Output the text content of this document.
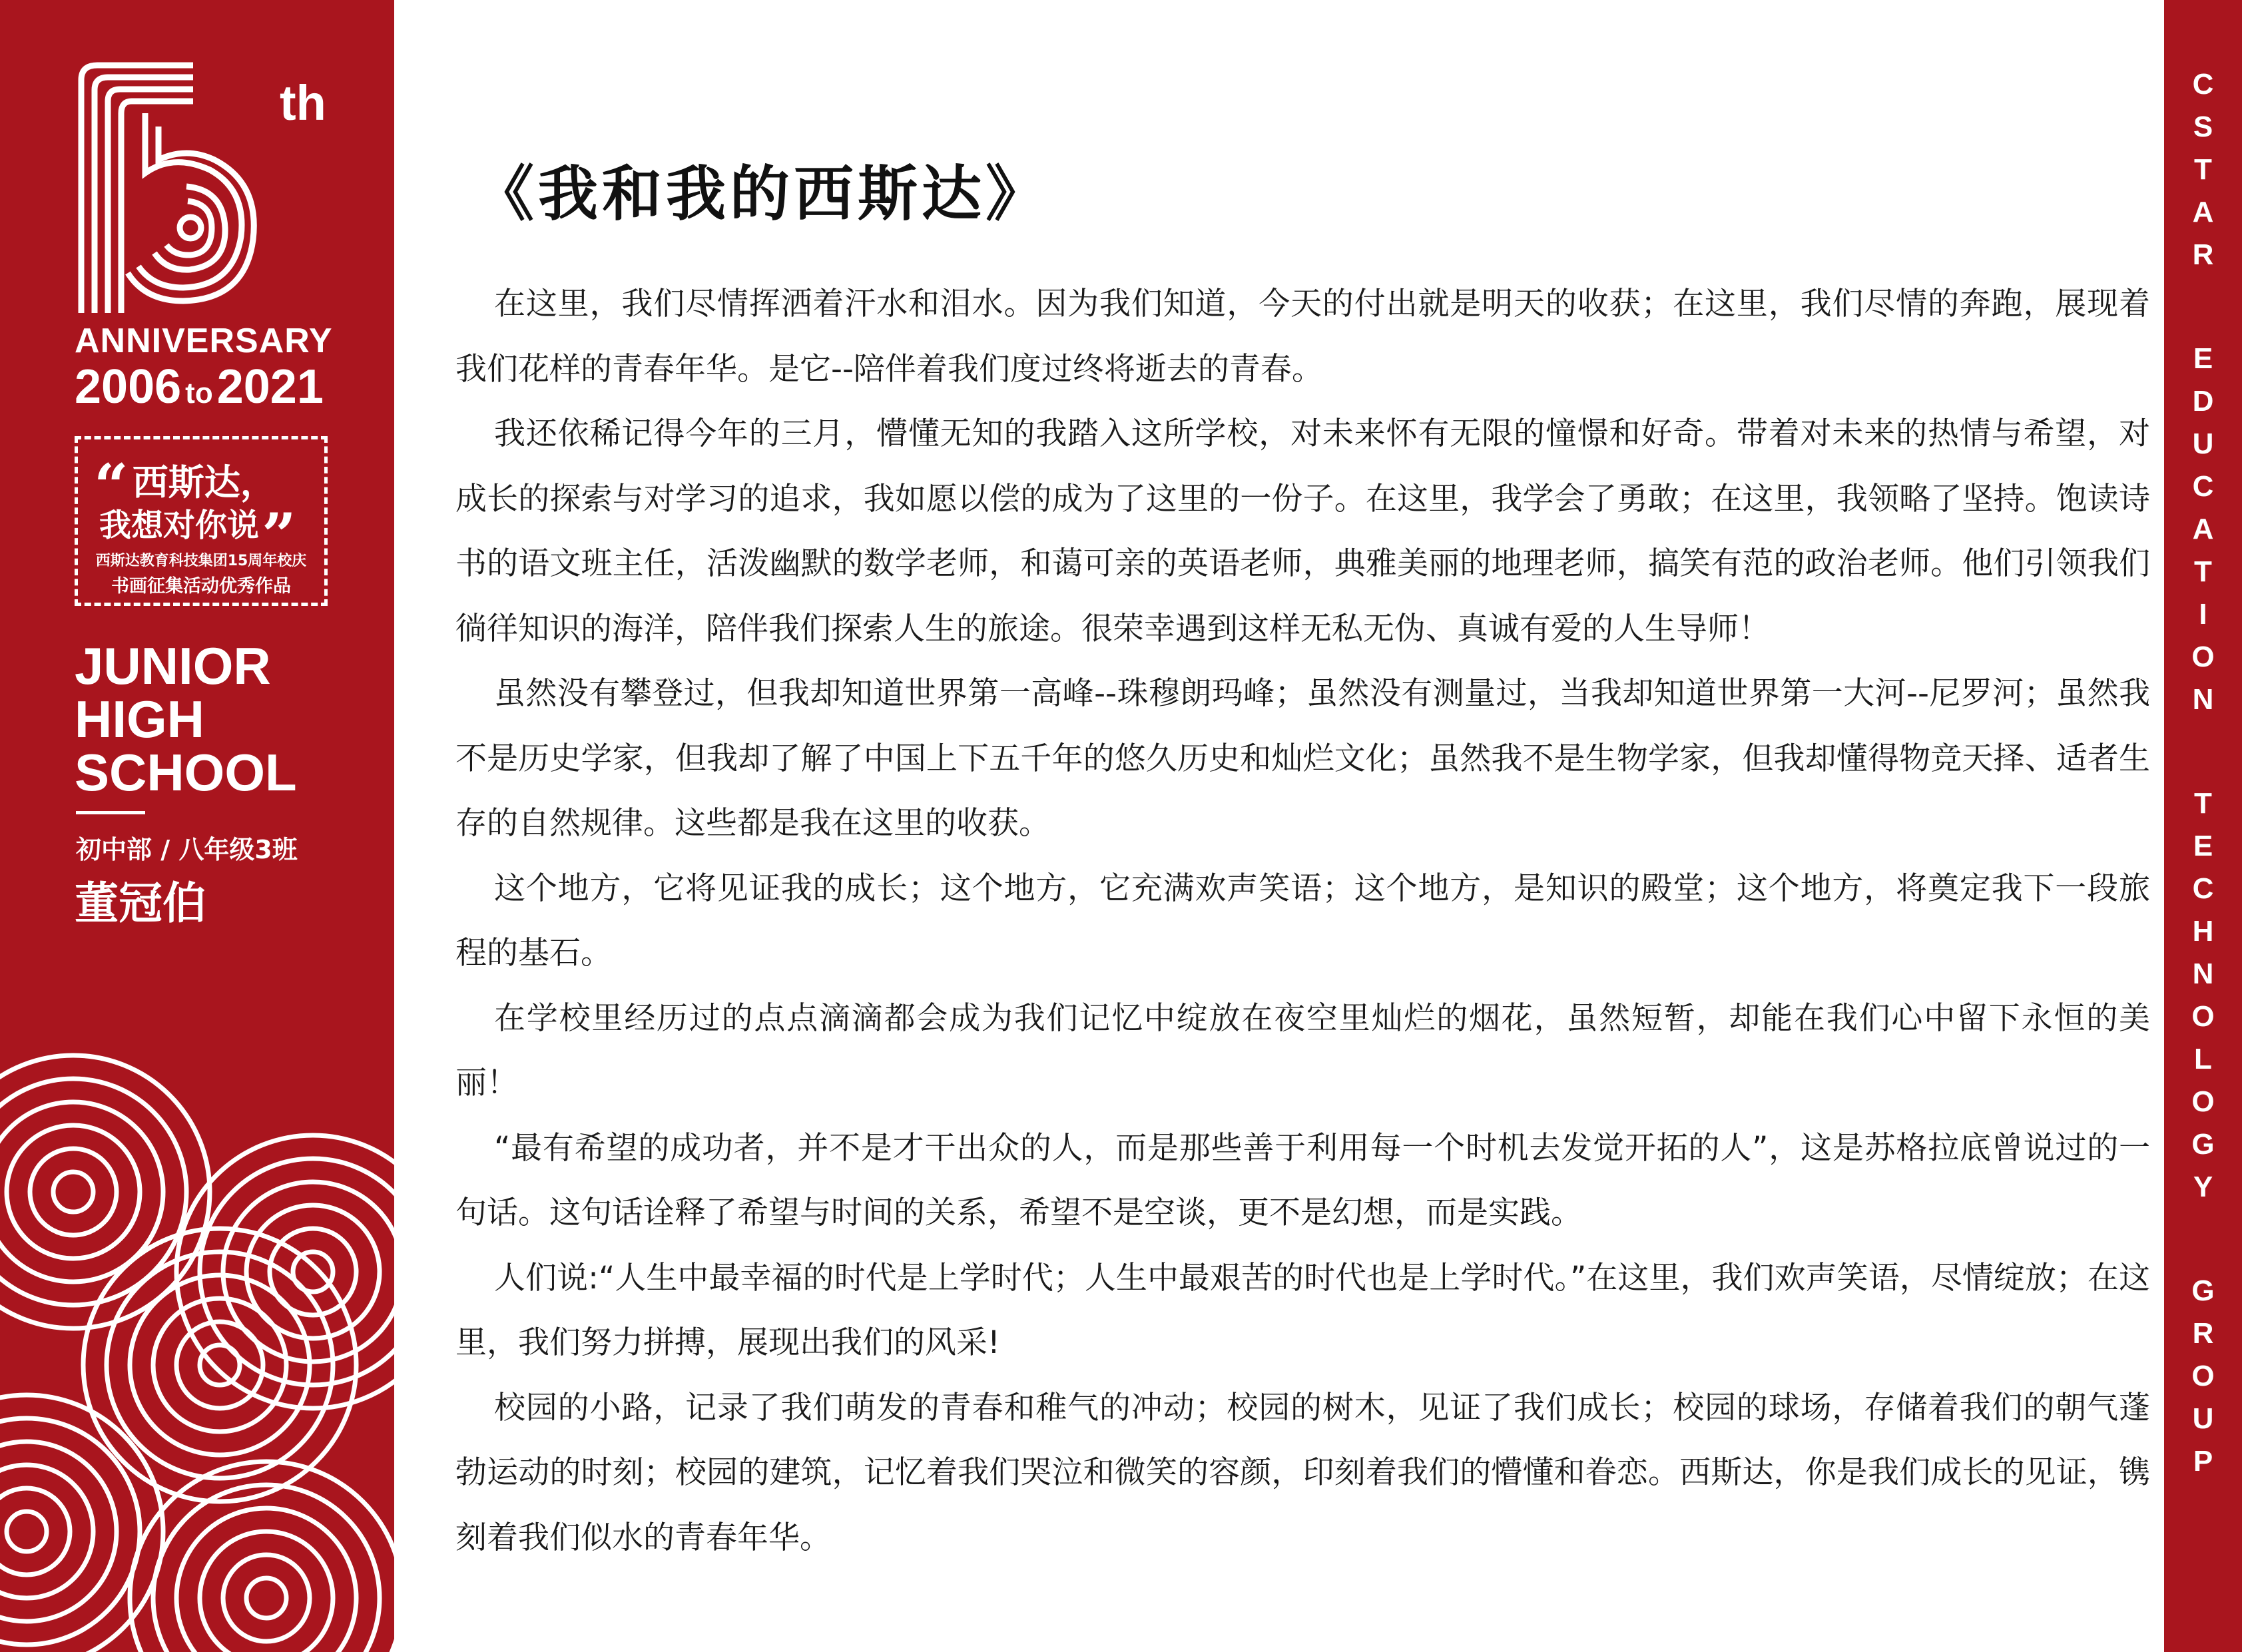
th
ANNIVERSARY
2006 to2021
“ 西斯达，
我想对你说”
西斯达教育科技集团15周年校庆
书画征集活动优秀作品
JUNIOR
HIGH
SCHOOL
初中部 / 八年级3班
董冠伯
C
S
T
A
R
E
D
U
C
A
T
I
O
N
T
E
C
H
N
O
L
O
G
Y
G
R
O
U
P
《我和我的西斯达》

在这里，我们尽情挥洒着汗水和泪水。因为我们知道，今天的付出就是明天的收获；在这里，我们尽情的奔跑，展现着我们花样的青春年华。是它--陪伴着我们度过终将逝去的青春。

我还依稀记得今年的三月，懵懂无知的我踏入这所学校，对未来怀有无限的憧憬和好奇。带着对未来的热情与希望，对成长的探索与对学习的追求，我如愿以偿的成为了这里的一份子。在这里，我学会了勇敢；在这里，我领略了坚持。饱读诗书的语文班主任，活泼幽默的数学老师，和蔼可亲的英语老师，典雅美丽的地理老师，搞笑有范的政治老师。他们引领我们徜徉知识的海洋，陪伴我们探索人生的旅途。很荣幸遇到这样无私无伪、真诚有爱的人生导师！

虽然没有攀登过，但我却知道世界第一高峰--珠穆朗玛峰；虽然没有测量过，当我却知道世界第一大河--尼罗河；虽然我不是历史学家，但我却了解了中国上下五千年的悠久历史和灿烂文化；虽然我不是生物学家，但我却懂得物竞天择、适者生存的自然规律。这些都是我在这里的收获。

这个地方，它将见证我的成长；这个地方，它充满欢声笑语；这个地方，是知识的殿堂；这个地方，将奠定我下一段旅程的基石。

在学校里经历过的点点滴滴都会成为我们记忆中绽放在夜空里灿烂的烟花，虽然短暂，却能在我们心中留下永恒的美丽！

“最有希望的成功者，并不是才干出众的人，而是那些善于利用每一个时机去发觉开拓的人”，这是苏格拉底曾说过的一句话。这句话诠释了希望与时间的关系，希望不是空谈，更不是幻想，而是实践。

人们说:“人生中最幸福的时代是上学时代；人生中最艰苦的时代也是上学时代。”在这里，我们欢声笑语，尽情绽放；在这里，我们努力拼搏，展现出我们的风采!

校园的小路，记录了我们萌发的青春和稚气的冲动；校园的树木，见证了我们成长；校园的球场，存储着我们的朝气蓬勃运动的时刻；校园的建筑，记忆着我们哭泣和微笑的容颜，印刻着我们的懵懂和眷恋。西斯达，你是我们成长的见证，镌刻着我们似水的青春年华。
